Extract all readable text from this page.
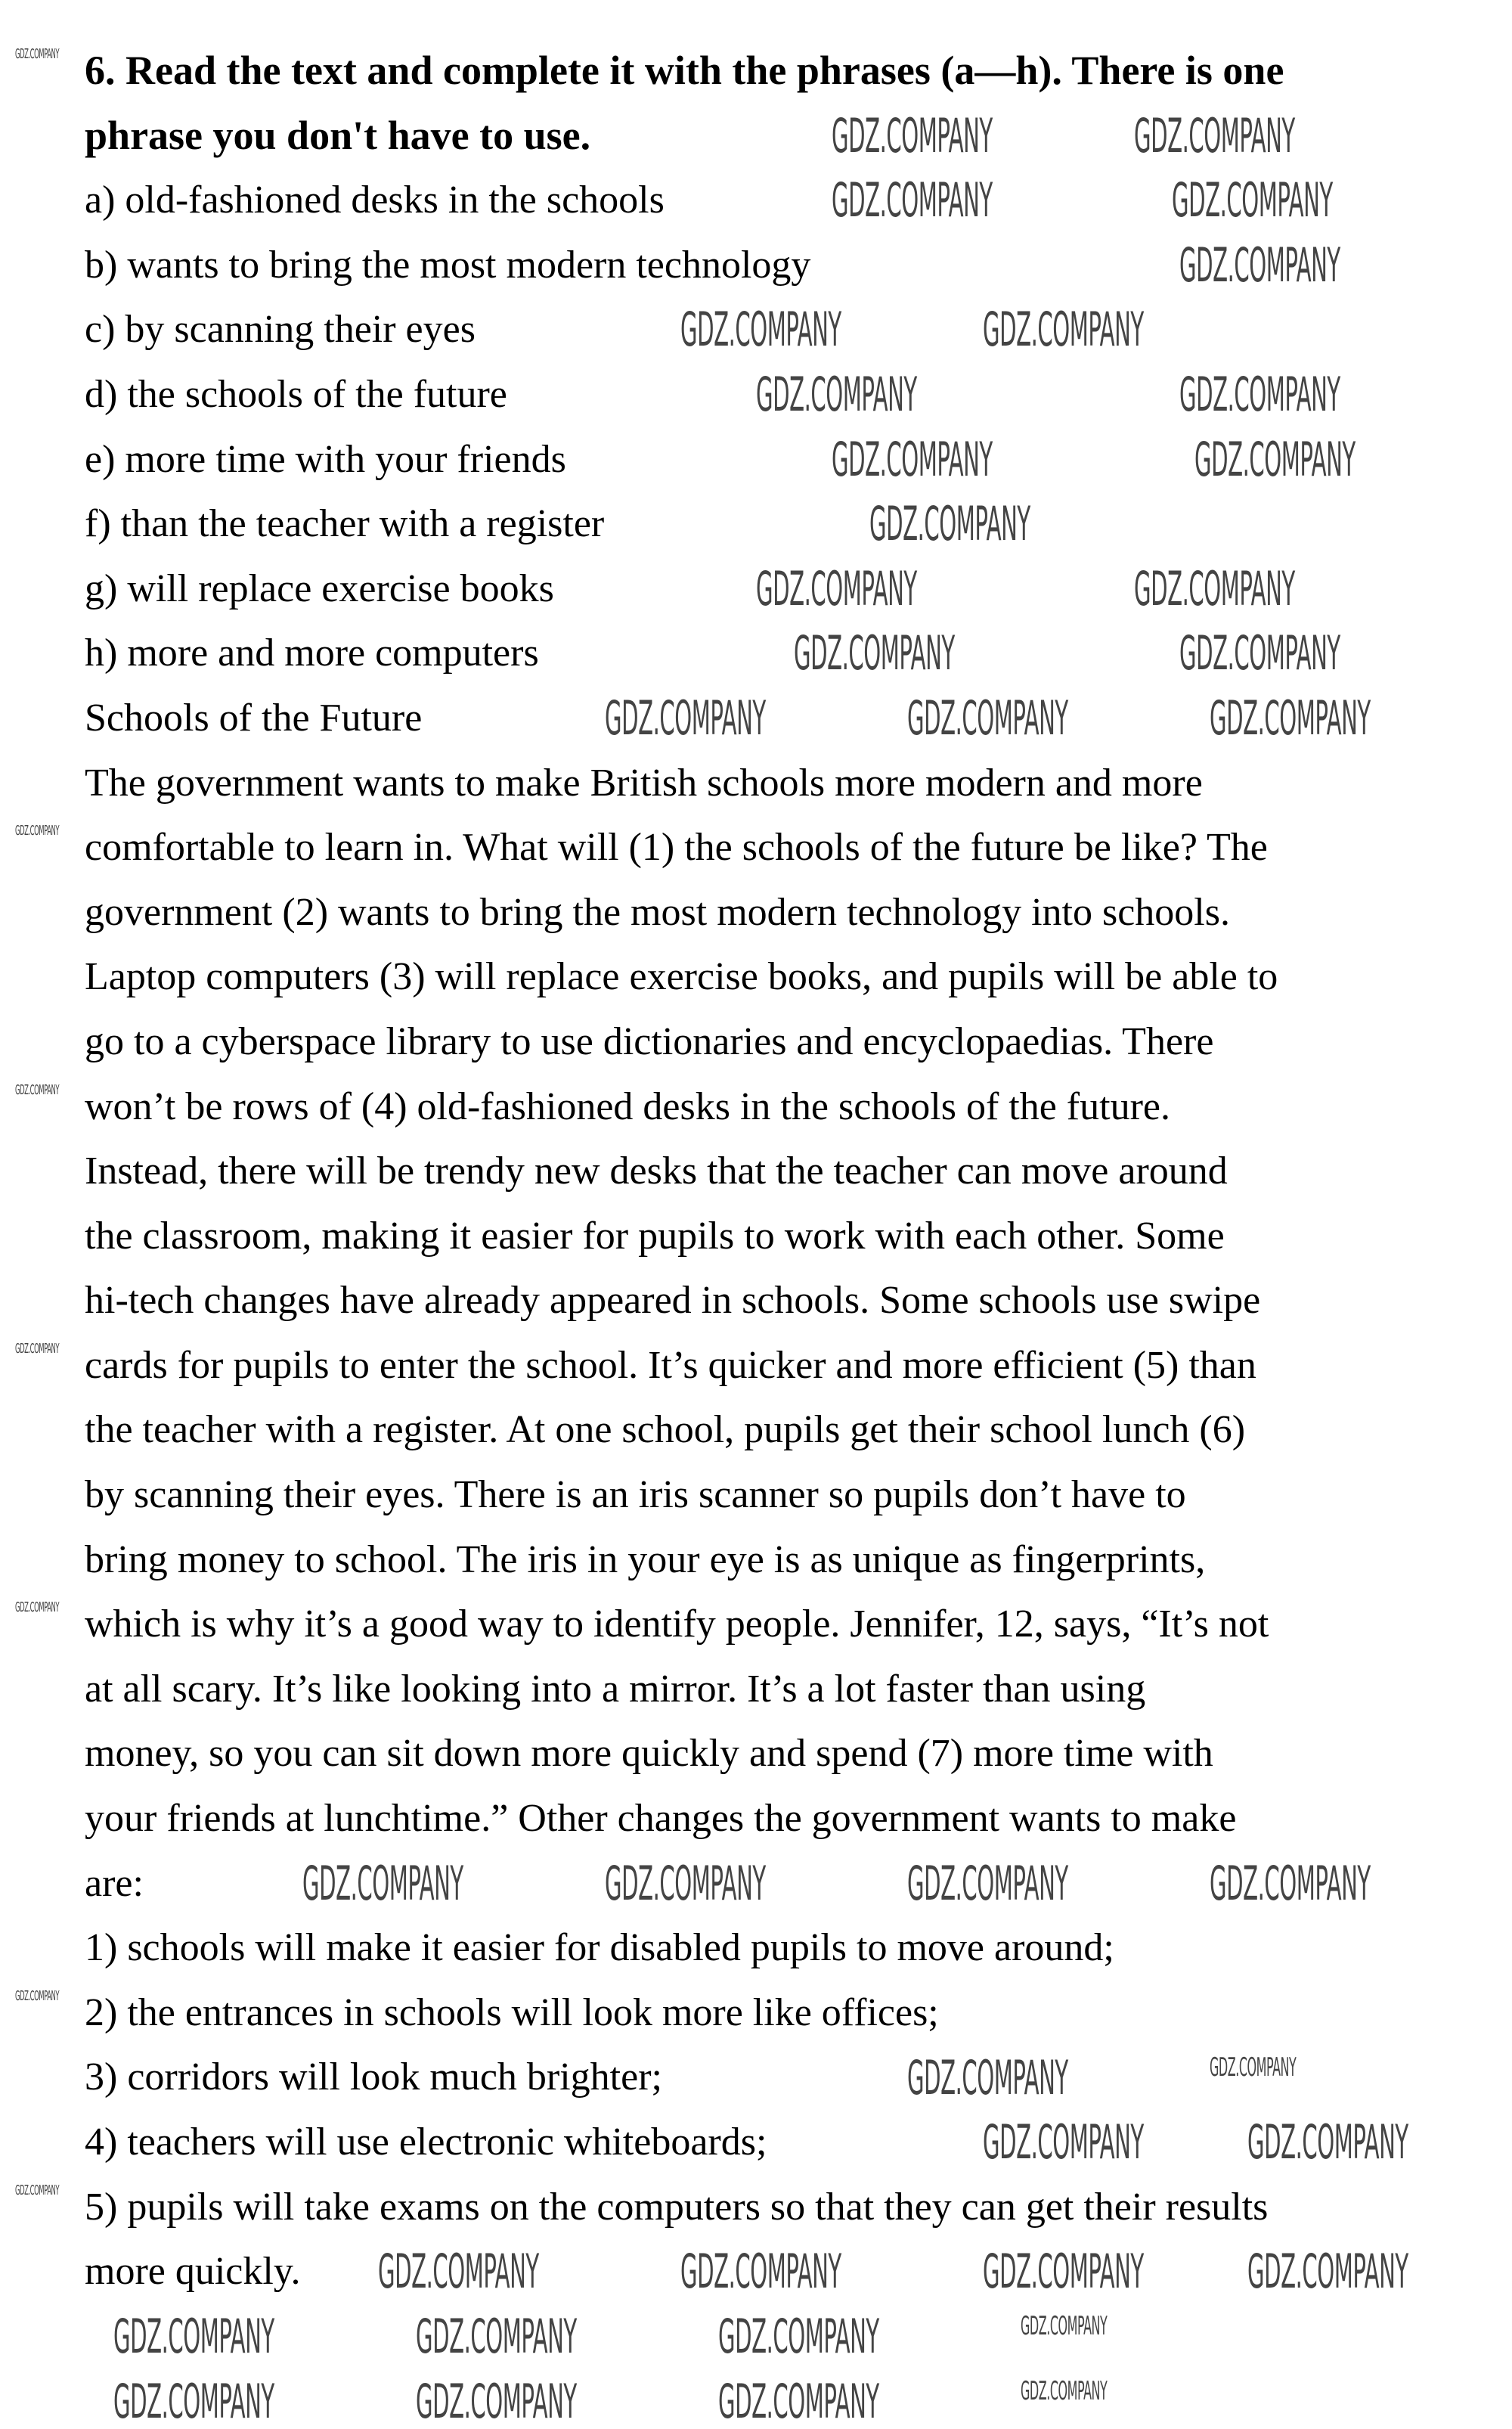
6. Read the text and complete it with the phrases (a—h). There is one
phrase you don't have to use.
a) old-fashioned desks in the schools
b) wants to bring the most modern technology
c) by scanning their eyes
d) the schools of the future
e) more time with your friends
f) than the teacher with a register
g) will replace exercise books
h) more and more computers
Schools of the Future
The government wants to make British schools more modern and more
comfortable to learn in. What will (1) the schools of the future be like? The
government (2) wants to bring the most modern technology into schools.
Laptop computers (3) will replace exercise books, and pupils will be able to
go to a cyberspace library to use dictionaries and encyclopaedias. There
won’t be rows of (4) old-fashioned desks in the schools of the future.
Instead, there will be trendy new desks that the teacher can move around
the classroom, making it easier for pupils to work with each other. Some
hi-tech changes have already appeared in schools. Some schools use swipe
cards for pupils to enter the school. It’s quicker and more efficient (5) than
the teacher with a register. At one school, pupils get their school lunch (6)
by scanning their eyes. There is an iris scanner so pupils don’t have to
bring money to school. The iris in your eye is as unique as fingerprints,
which is why it’s a good way to identify people. Jennifer, 12, says, “It’s not
at all scary. It’s like looking into a mirror. It’s a lot faster than using
money, so you can sit down more quickly and spend (7) more time with
your friends at lunchtime.” Other changes the government wants to make
are:
1) schools will make it easier for disabled pupils to move around;
2) the entrances in schools will look more like offices;
3) corridors will look much brighter;
4) teachers will use electronic whiteboards;
5) pupils will take exams on the computers so that they can get their results
more quickly.
GDZ.COMPANY	GDZ.COMPANY
GDZ.COMPANY	GDZ.COMPANY
GDZ.COMPANY
GDZ.COMPANY	GDZ.COMPANY
GDZ.COMPANY	GDZ.COMPANY
GDZ.COMPANY	GDZ.COMPANY
GDZ.COMPANY
GDZ.COMPANY	GDZ.COMPANY
GDZ.COMPANY	GDZ.COMPANY
GDZ.COMPANY	GDZ.COMPANY	GDZ.COMPANY
GDZ.COMPANY	GDZ.COMPANY	GDZ.COMPANY	GDZ.COMPANY
GDZ.COMPANY	GDZ.COMPANY
GDZ.COMPANY GDZ.COMPANY
GDZ.COMPANY	GDZ.COMPANY	GDZ.COMPANY GDZ.COMPANY
GDZ.COMPANY	GDZ.COMPANY	GDZ.COMPANY	GDZ.COMPANY
GDZ.COMPANY	GDZ.COMPANY	GDZ.COMPANY	GDZ.COMPANY
GDZ.COMPANY
GDZ.COMPANY
GDZ.COMPANY
GDZ.COMPANY
GDZ.COMPANY
GDZ.COMPANY
GDZ.COMPANY
